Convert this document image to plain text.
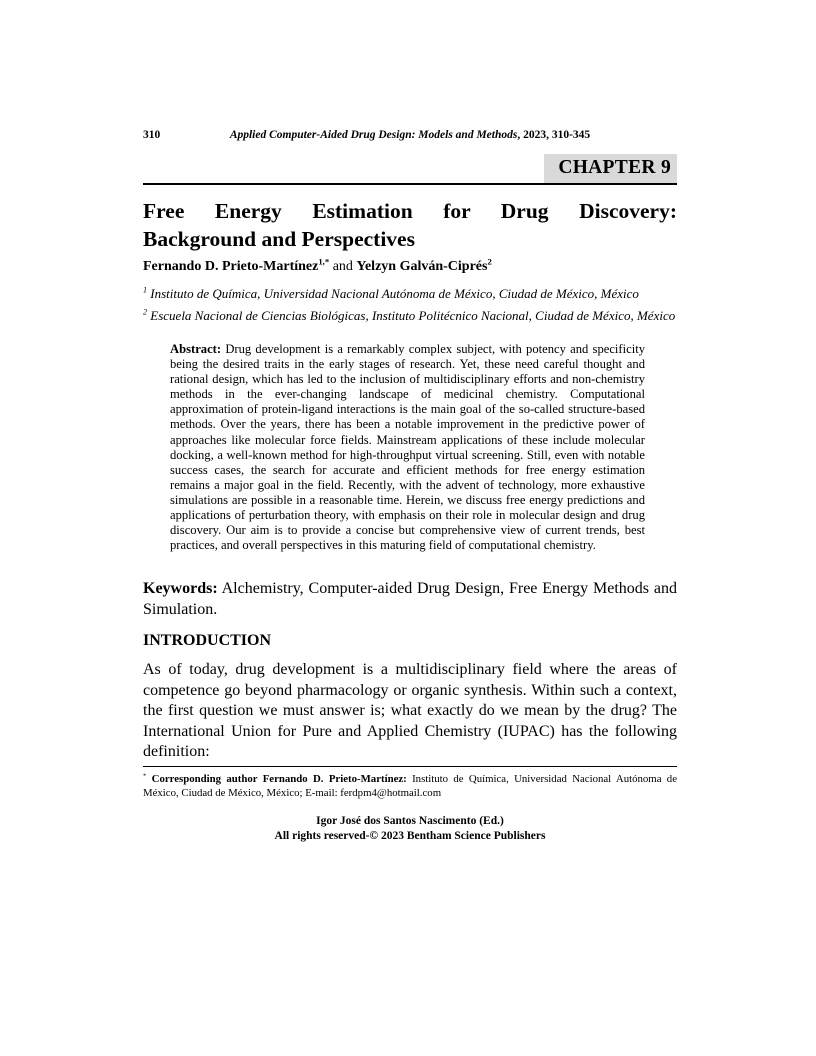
310	Applied Computer-Aided Drug Design: Models and Methods, 2023, 310-345
CHAPTER 9
Free Energy Estimation for Drug Discovery:
Background and Perspectives
Fernando D. Prieto-Martínez$^{1,*}$ and Yelzyn Galván-Ciprés$^2$

$^1$ Instituto de Química, Universidad Nacional Autónoma de México, Ciudad de México, México

$^2$ Escuela Nacional de Ciencias Biológicas, Instituto Politécnico Nacional, Ciudad de México, México

Abstract: Drug development is a remarkably complex subject, with potency and specificity being the desired traits in the early stages of research. Yet, these need careful thought and rational design, which has led to the inclusion of multidisciplinary efforts and non-chemistry methods in the ever-changing landscape of medicinal chemistry. Computational approximation of protein-ligand interactions is the main goal of the so-called structure-based methods. Over the years, there has been a notable improvement in the predictive power of approaches like molecular force fields. Mainstream applications of these include molecular docking, a well-known method for high-throughput virtual screening. Still, even with notable success cases, the search for accurate and efficient methods for free energy estimation remains a major goal in the field. Recently, with the advent of technology, more exhaustive simulations are possible in a reasonable time. Herein, we discuss free energy predictions and applications of perturbation theory, with emphasis on their role in molecular design and drug discovery. Our aim is to provide a concise but comprehensive view of current trends, best practices, and overall perspectives in this maturing field of computational chemistry.
Keywords: Alchemistry, Computer-aided Drug Design, Free Energy Methods and Simulation.
INTRODUCTION
As of today, drug development is a multidisciplinary field where the areas of competence go beyond pharmacology or organic synthesis. Within such a context, the first question we must answer is; what exactly do we mean by the drug? The International Union for Pure and Applied Chemistry (IUPAC) has the following definition:
* Corresponding author Fernando D. Prieto-Martínez: Instituto de Química, Universidad Nacional Autónoma de México, Ciudad de México, México; E-mail: ferdpm4@hotmail.com
Igor José dos Santos Nascimento (Ed.)
All rights reserved-© 2023 Bentham Science Publishers
